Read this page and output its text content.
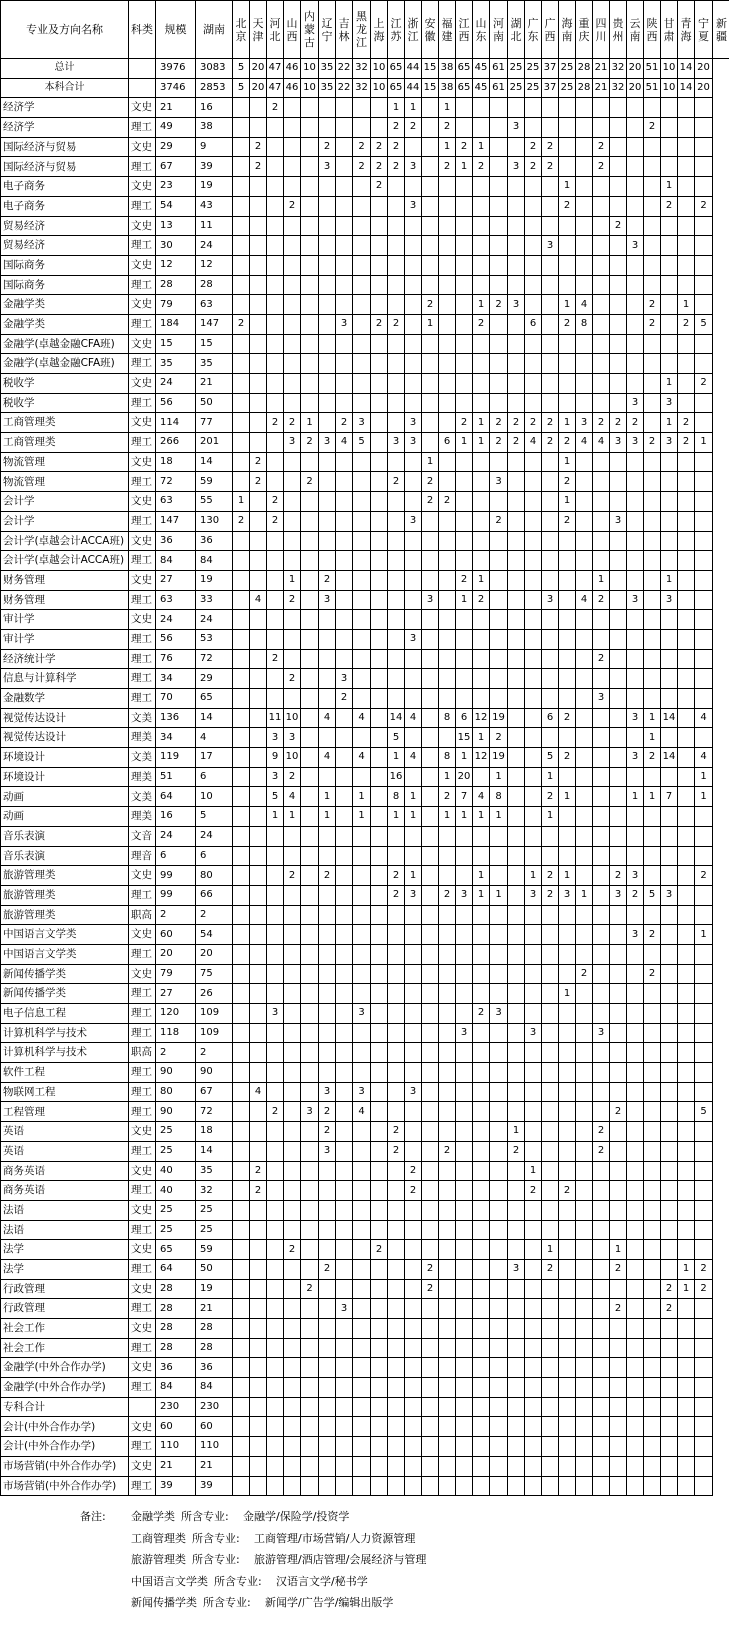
专业及方向名称	科类	规模	湖南	北京	天津	河北	山西	内蒙古	辽宁	吉林	黑龙江	上海	江苏	浙江	安徽	福建	江西	山东	河南	湖北	广东	广西	海南	重庆	四川	贵州	云南	陕西	甘肃	青海	宁夏	新疆
总计		3976	3083	5	20	47	46	10	35	22	32	10	65	44	15	38	65	45	61	25	25	37	25	28	21	32	20	51	10	14	20	
本科合计		3746	2853	5	20	47	46	10	35	22	32	10	65	44	15	38	65	45	61	25	25	37	25	28	21	32	20	51	10	14	20	
经济学	文史	21	16			2							1	1		1																
经济学	理工	49	38										2	2		2				3								2				
国际经济与贸易	文史	29	9		2				2		2	2	2			1	2	1			2	2			2							
国际经济与贸易	理工	67	39		2				3		2	2	2	3		2	1	2		3	2	2			2							
电子商务	文史	23	19									2											1						1			
电子商务	理工	54	43				2							3									2						2		2	
贸易经济	文史	13	11																							2						
贸易经济	理工	30	24																			3					3					
国际商务	文史	12	12																													
国际商务	理工	28	28																													
金融学类	文史	79	63												2			1	2	3			1	4				2		1		
金融学类	理工	184	147	2						3		2	2		1			2			6		2	8				2		2	5	
金融学(卓越金融CFA班)	文史	15	15																													
金融学(卓越金融CFA班)	理工	35	35																													
税收学	文史	24	21																										1		2	
税收学	理工	56	50																								3		3			
工商管理类	文史	114	77			2	2	1		2	3			3			2	1	2	2	2	2	1	3	2	2	2		1	2		
工商管理类	理工	266	201				3	2	3	4	5		3	3		6	1	1	2	2	4	2	2	4	4	3	3	2	3	2	1	
物流管理	文史	18	14		2										1								1									
物流管理	理工	72	59		2			2					2		2				3				2									
会计学	文史	63	55	1		2									2	2							1									
会计学	理工	147	130	2		2								3					2				2			3						
会计学(卓越会计ACCA班)	文史	36	36																													
会计学(卓越会计ACCA班)	理工	84	84																													
财务管理	文史	27	19				1		2								2	1							1				1			
财务管理	理工	63	33		4		2		3						3		1	2				3		4	2		3		3			
审计学	文史	24	24																													
审计学	理工	56	53											3																		
经济统计学	理工	76	72			2																			2							
信息与计算科学	理工	34	29				2			3																						
金融数学	理工	70	65							2															3							
视觉传达设计	文美	136	14			11	10		4		4		14	4		8	6	12	19			6	2				3	1	14		4	
视觉传达设计	理美	34	4			3	3						5				15	1	2									1				
环境设计	文美	119	17			9	10		4		4		1	4		8	1	12	19			5	2				3	2	14		4	
环境设计	理美	51	6			3	2						16			1	20		1			1									1	
动画	文美	64	10			5	4		1		1		8	1		2	7	4	8			2	1				1	1	7		1	
动画	理美	16	5			1	1		1		1		1	1		1	1	1	1			1										
音乐表演	文音	24	24																													
音乐表演	理音	6	6																													
旅游管理类	文史	99	80				2		2				2	1				1			1	2	1			2	3				2	
旅游管理类	理工	99	66										2	3		2	3	1	1		3	2	3	1		3	2	5	3			
旅游管理类	职高	2	2																													
中国语言文学类	文史	60	54																								3	2			1	
中国语言文学类	理工	20	20																													
新闻传播学类	文史	79	75																					2				2				
新闻传播学类	理工	27	26																				1									
电子信息工程	理工	120	109			3					3							2	3													
计算机科学与技术	理工	118	109														3				3				3							
计算机科学与技术	职高	2	2																													
软件工程	理工	90	90																													
物联网工程	理工	80	67		4				3		3			3																		
工程管理	理工	90	72			2		3	2		4															2					5	
英语	文史	25	18						2				2							1					2							
英语	理工	25	14						3				2			2				2					2							
商务英语	文史	40	35		2									2							1											
商务英语	理工	40	32		2									2							2		2									
法语	文史	25	25																													
法语	理工	25	25																													
法学	文史	65	59				2					2										1				1						
法学	理工	64	50						2						2					3		2				2				1	2	
行政管理	文史	28	19					2							2														2	1	2	
行政管理	理工	28	21							3																2			2			
社会工作	文史	28	28																													
社会工作	理工	28	28																													
金融学(中外合作办学)	文史	36	36																													
金融学(中外合作办学)	理工	84	84																													
专科合计		230	230																													
会计(中外合作办学)	文史	60	60																													
会计(中外合作办学)	理工	110	110																													
市场营销(中外合作办学)	文史	21	21																													
市场营销(中外合作办学)	理工	39	39																													
备注: 金融学类 所含专业: 金融学/保险学/投资学
工商管理类 所含专业: 工商管理/市场营销/人力资源管理
旅游管理类 所含专业: 旅游管理/酒店管理/会展经济与管理
中国语言文学类 所含专业: 汉语言文学/秘书学
新闻传播学类 所含专业: 新闻学/广告学/编辑出版学
